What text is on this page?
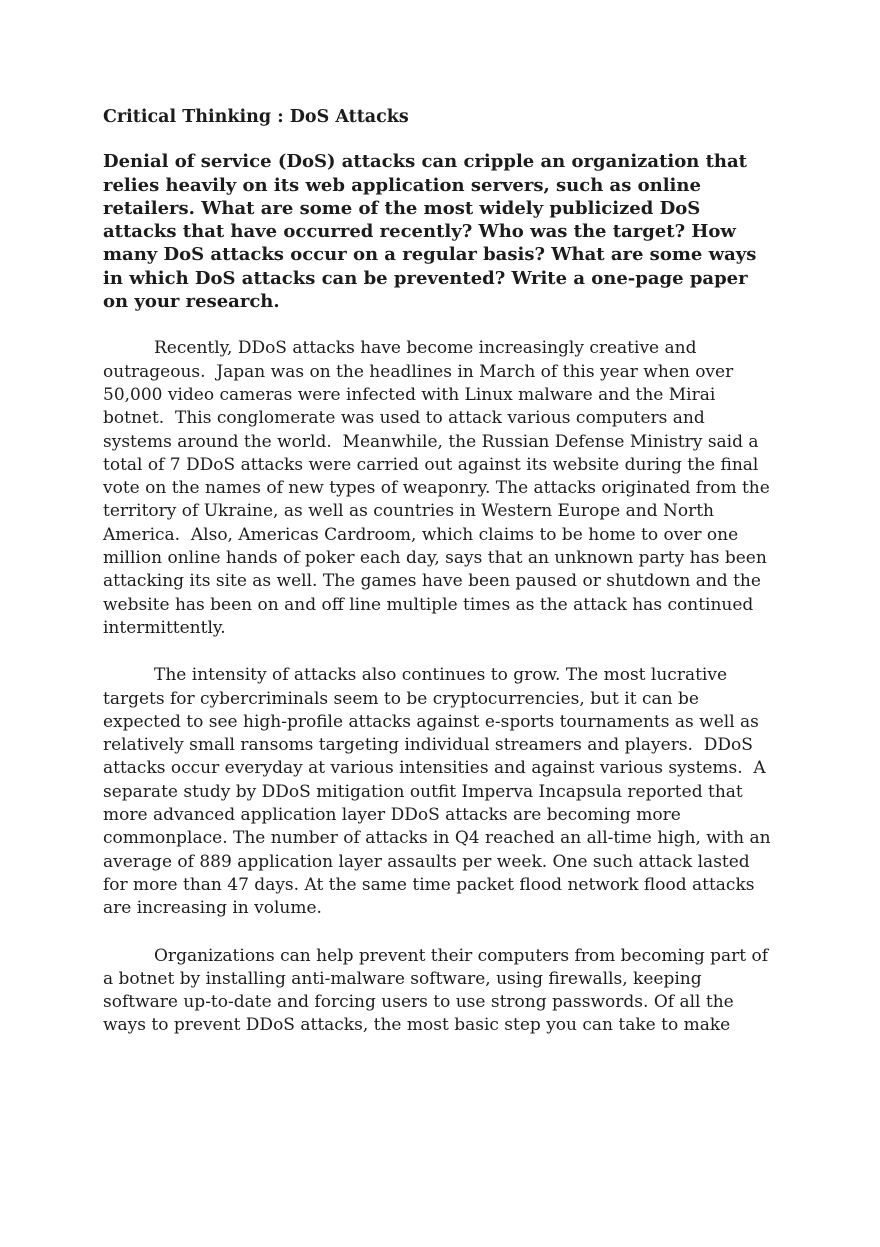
Critical Thinking : DoS Attacks

Denial of service (DoS) attacks can cripple an organization that relies heavily on its web application servers, such as online retailers. What are some of the most widely publicized DoS attacks that have occurred recently? Who was the target? How many DoS attacks occur on a regular basis? What are some ways in which DoS attacks can be prevented? Write a one-page paper on your research.

Recently, DDoS attacks have become increasingly creative and outrageous.  Japan was on the headlines in March of this year when over 50,000 video cameras were infected with Linux malware and the Mirai botnet.  This conglomerate was used to attack various computers and systems around the world.  Meanwhile, the Russian Defense Ministry said a total of 7 DDoS attacks were carried out against its website during the final vote on the names of new types of weaponry. The attacks originated from the territory of Ukraine, as well as countries in Western Europe and North America.  Also, Americas Cardroom, which claims to be home to over one million online hands of poker each day, says that an unknown party has been attacking its site as well. The games have been paused or shutdown and the website has been on and off line multiple times as the attack has continued intermittently.

The intensity of attacks also continues to grow. The most lucrative targets for cybercriminals seem to be cryptocurrencies, but it can be expected to see high-profile attacks against e-sports tournaments as well as relatively small ransoms targeting individual streamers and players.  DDoS attacks occur everyday at various intensities and against various systems.  A separate study by DDoS mitigation outfit Imperva Incapsula reported that more advanced application layer DDoS attacks are becoming more commonplace. The number of attacks in Q4 reached an all-time high, with an average of 889 application layer assaults per week. One such attack lasted for more than 47 days. At the same time packet flood network flood attacks are increasing in volume.

Organizations can help prevent their computers from becoming part of a botnet by installing anti-malware software, using firewalls, keeping software up-to-date and forcing users to use strong passwords. Of all the ways to prevent DDoS attacks, the most basic step you can take to make
